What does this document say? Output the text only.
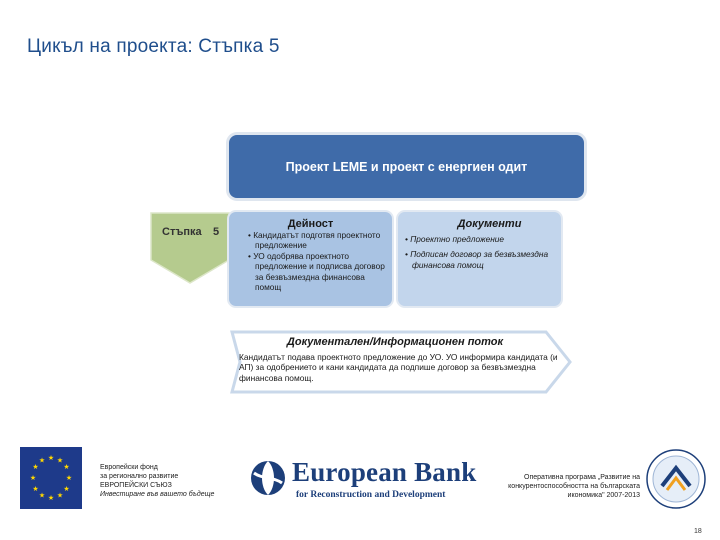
Цикъл на проекта: Стъпка 5
Проект LEME и проект с енергиен одит
Стъпка 5
Дейност
• Кандидатът подготвя проектното предложение
• УО одобрява проектното предложение и подписва договор за безвъзмездна финансова помощ
Документи
• Проектно предложение
• Подписан договор за безвъзмездна финансова помощ
Документален/Информационен поток
Кандидатът подава проектното предложение до УО. УО информира кандидата (и АП) за одобрението и кани кандидата да подпише договор за безвъзмездна финансова помощ.
★ ★
★
★
★
★
★
★
★
★
★
★
Европейски фонд
за регионално развитие
ЕВРОПЕЙСКИ СЪЮЗ
Инвестиране във вашето бъдеще
European Bank
for Reconstruction and Development
Оперативна програма „Развитие на
конкурентоспособността на българската
икономика" 2007-2013
18
